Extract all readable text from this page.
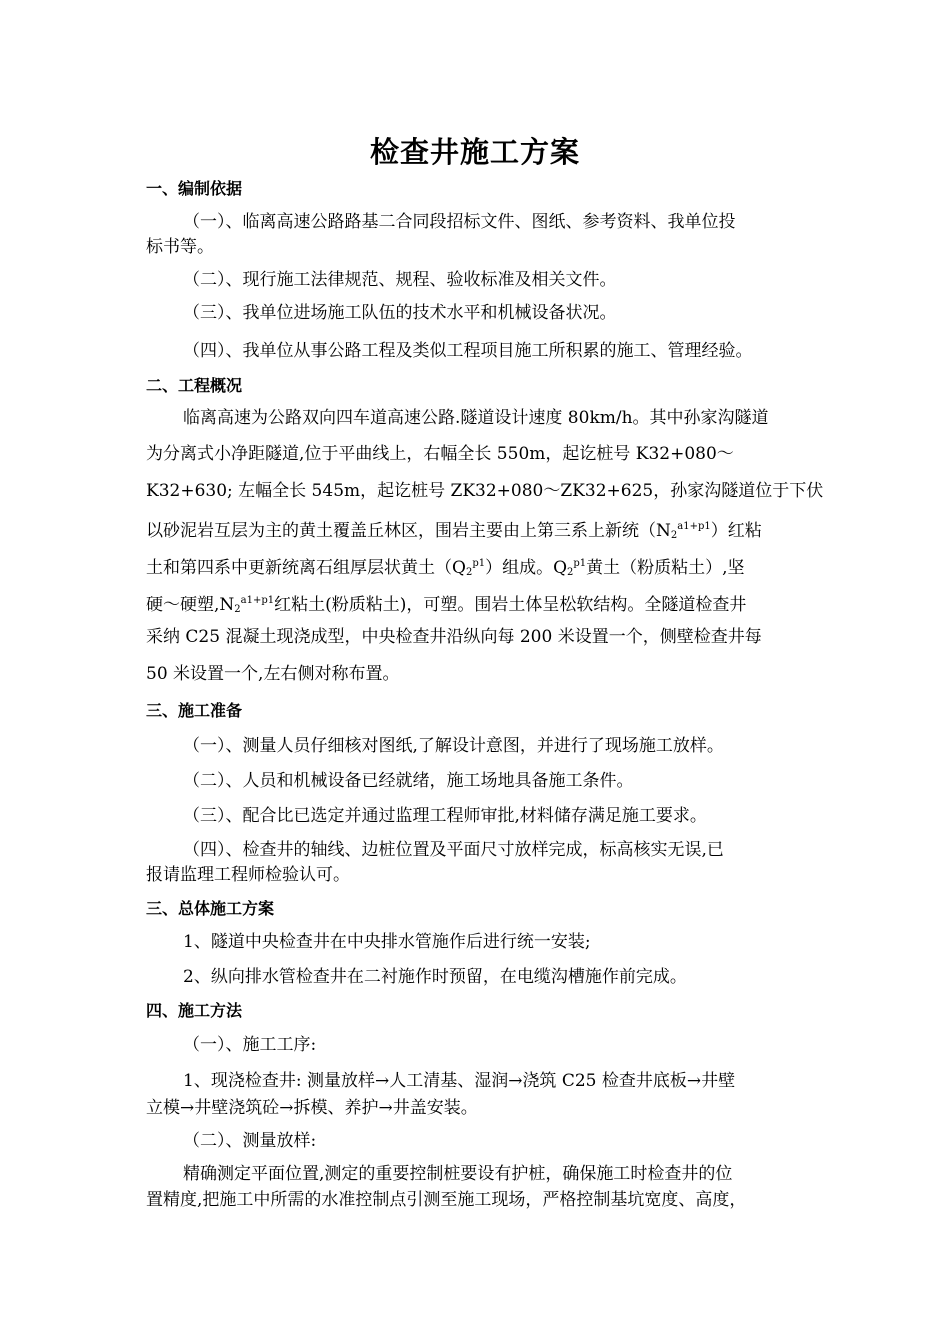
检查井施工方案
一、编制依据
（一）、临离高速公路路基二合同段招标文件、图纸、参考资料、我单位投
标书等。
（二）、现行施工法律规范、规程、验收标准及相关文件。
（三）、我单位进场施工队伍的技术水平和机械设备状况。
（四）、我单位从事公路工程及类似工程项目施工所积累的施工、管理经验。
二、工程概况
临离高速为公路双向四车道高速公路.隧道设计速度 80km/h。其中孙家沟隧道
为分离式小净距隧道,位于平曲线上，右幅全长 550m，起讫桩号 K32+080～
K32+630; 左幅全长 545m，起讫桩号 ZK32+080～ZK32+625，孙家沟隧道位于下伏
以砂泥岩互层为主的黄土覆盖丘林区，围岩主要由上第三系上新统$(N_2^{a1+p1})$红粘
土和第四系中更新统离石组厚层状黄土$(Q_2^{p1})$组成。$Q_2^{p1}$黄土（粉质粘土）,坚
硬～硬塑$,N_2^{a1+p1}$红粘土(粉质粘土)，可塑。围岩土体呈松软结构。全隧道检查井
采纳 C25 混凝土现浇成型，中央检查井沿纵向每 200 米设置一个，侧壁检查井每
50 米设置一个,左右侧对称布置。
三、施工准备
（一）、测量人员仔细核对图纸,了解设计意图，并进行了现场施工放样。
（二）、人员和机械设备已经就绪，施工场地具备施工条件。
（三）、配合比已选定并通过监理工程师审批,材料储存满足施工要求。
（四）、检查井的轴线、边桩位置及平面尺寸放样完成，标高核实无误,已
报请监理工程师检验认可。
三、总体施工方案
1、隧道中央检查井在中央排水管施作后进行统一安装;
2、纵向排水管检查井在二衬施作时预留，在电缆沟槽施作前完成。
四、施工方法
（一）、施工工序:
1、现浇检查井: 测量放样→人工清基、湿润→浇筑 C25 检查井底板→井壁
立模→井壁浇筑砼→拆模、养护→井盖安装。
（二）、测量放样:
精确测定平面位置,测定的重要控制桩要设有护桩，确保施工时检查井的位
置精度,把施工中所需的水准控制点引测至施工现场，严格控制基坑宽度、高度，
